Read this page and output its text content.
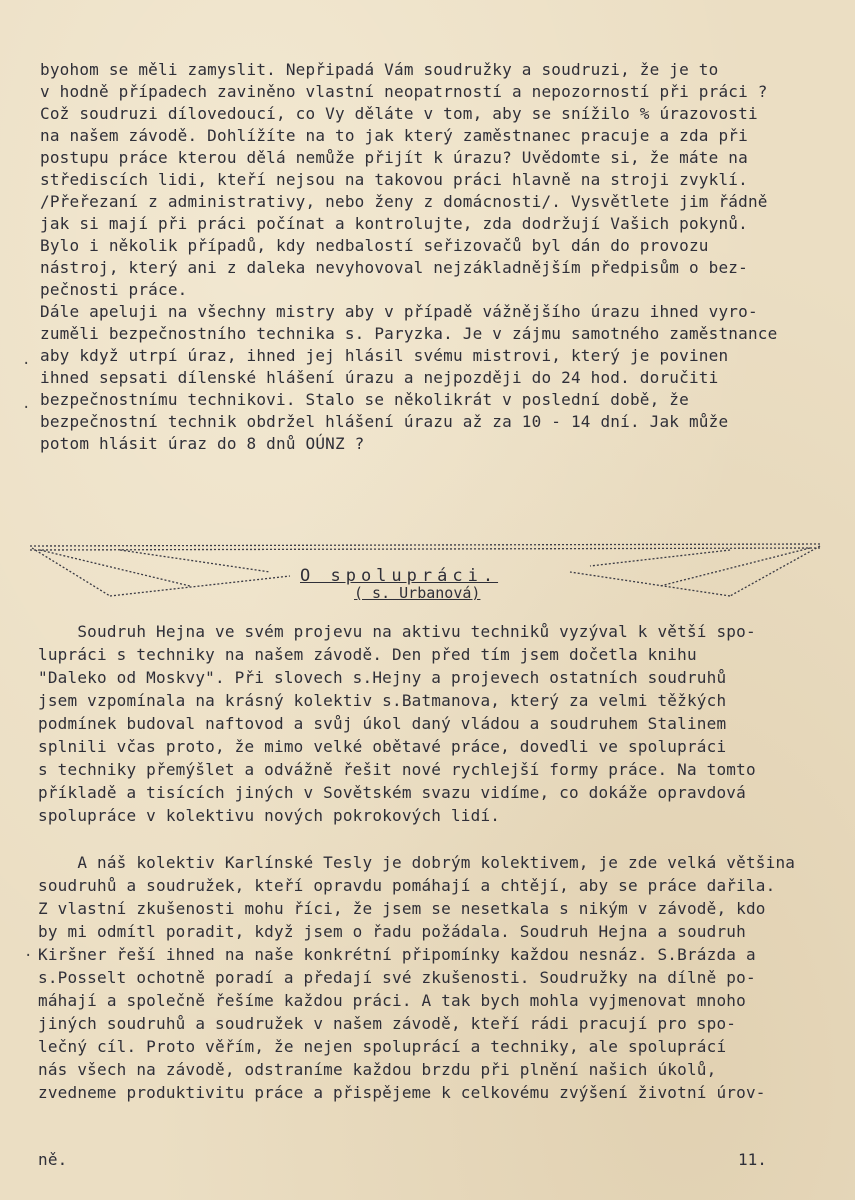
byohom se měli zamyslit. Nepřipadá Vám soudružky a soudruzi, že je to
v hodně případech zaviněno vlastní neopatrností a nepozorností při práci ?
Což soudruzi dílovedoucí, co Vy děláte v tom, aby se snížilo % úrazovosti
na našem závodě. Dohlížíte na to jak který zaměstnanec pracuje a zda při
postupu práce kterou dělá nemůže přijít k úrazu? Uvědomte si, že máte na
střediscích lidi, kteří nejsou na takovou práci hlavně na stroji zvyklí.
/Přeřezaní z administrativy, nebo ženy z domácnosti/. Vysvětlete jim řádně
jak si mají při práci počínat a kontrolujte, zda dodržují Vašich pokynů.
Bylo i několik případů, kdy nedbalostí seřizovačů byl dán do provozu
nástroj, který ani z daleka nevyhovoval nejzákladnějším předpisům o bez-
pečnosti práce.
Dále apeluji na všechny mistry aby v případě vážnějšího úrazu ihned vyro-
zuměli bezpečnostního technika s. Paryzka. Je v zájmu samotného zaměstnance
aby když utrpí úraz, ihned jej hlásil svému mistrovi, který je povinen
ihned sepsati dílenské hlášení úrazu a nejpozději do 24 hod. doručiti
bezpečnostnímu technikovi. Stalo se několikrát v poslední době, že
bezpečnostní technik obdržel hlášení úrazu až za 10 - 14 dní. Jak může
potom hlásit úraz do 8 dnů OÚNZ ?
O spolupráci.
( s. Urbanová)
Soudruh Hejna ve svém projevu na aktivu techniků vyzýval k větší spo-
lupráci s techniky na našem závodě. Den před tím jsem dočetla knihu
"Daleko od Moskvy". Při slovech s.Hejny a projevech ostatních soudruhů
jsem vzpomínala na krásný kolektiv s.Batmanova, který za velmi těžkých
podmínek budoval naftovod a svůj úkol daný vládou a soudruhem Stalinem
splnili včas proto, že mimo velké obětavé práce, dovedli ve spolupráci
s techniky přemýšlet a odvážně řešit nové rychlejší formy práce. Na tomto
příkladě a tisících jiných v Sovětském svazu vidíme, co dokáže opravdová
spolupráce v kolektivu nových pokrokových lidí.
A náš kolektiv Karlínské Tesly je dobrým kolektivem, je zde velká většina
soudruhů a soudružek, kteří opravdu pomáhají a chtějí, aby se práce dařila.
Z vlastní zkušenosti mohu říci, že jsem se nesetkala s nikým v závodě, kdo
by mi odmítl poradit, když jsem o řadu požádala. Soudruh Hejna a soudruh
Kiršner řeší ihned na naše konkrétní připomínky každou nesnáz. S.Brázda a
s.Posselt ochotně poradí a předají své zkušenosti. Soudružky na dílně po-
máhají a společně řešíme každou práci. A tak bych mohla vyjmenovat mnoho
jiných soudruhů a soudružek v našem závodě, kteří rádi pracují pro spo-
lečný cíl. Proto věřím, že nejen spoluprácí a techniky, ale spoluprácí
nás všech na závodě, odstraníme každou brzdu při plnění našich úkolů,
zvedneme produktivitu práce a přispějeme k celkovému zvýšení životní úrov-
ně.	11.
.
.
.
